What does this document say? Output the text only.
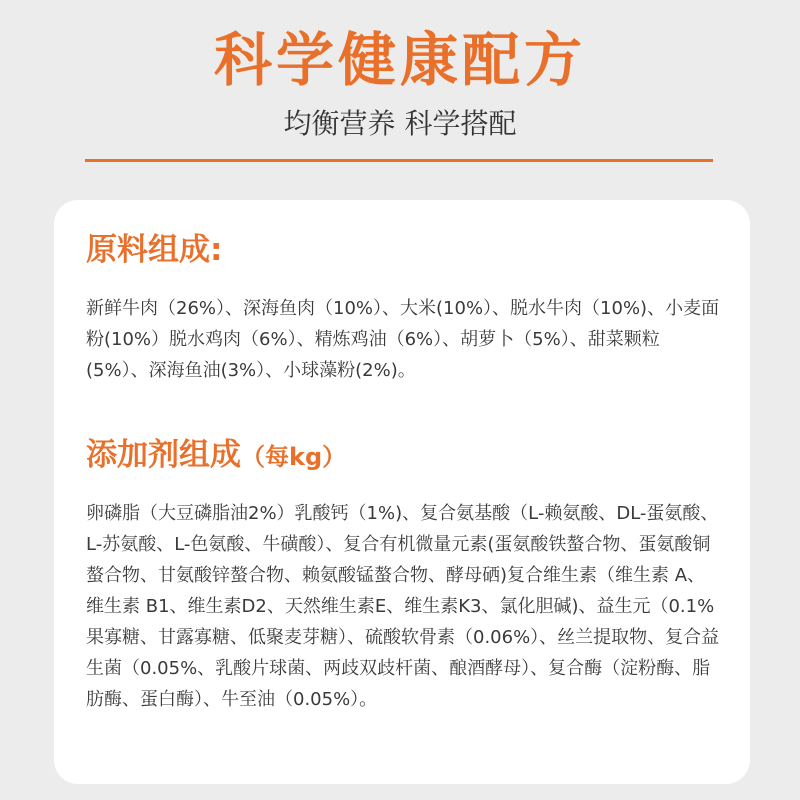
科学健康配方
均衡营养 科学搭配
原料组成:
新鲜牛肉（26%）、深海鱼肉（10%）、大米(10%）、脱水牛肉（10%)、小麦面粉(10%）脱水鸡肉（6%）、精炼鸡油（6%）、胡萝卜（5%）、甜菜颗粒(5%）、深海鱼油(3%）、小球藻粉(2%)。
添加剂组成（每kg）
卵磷脂（大豆磷脂油2%）乳酸钙（1%)、复合氨基酸（L-赖氨酸、DL-蛋氨酸、L-苏氨酸、L-色氨酸、牛磺酸）、复合有机微量元素(蛋氨酸铁螯合物、蛋氨酸铜螯合物、甘氨酸锌螯合物、赖氨酸锰螯合物、酵母硒)复合维生素（维生素 A、维生素 B1、维生素D2、天然维生素E、维生素K3、氯化胆碱)、益生元（0.1%果寡糖、甘露寡糖、低聚麦芽糖）、硫酸软骨素（0.06%）、丝兰提取物、复合益生菌（0.05%、乳酸片球菌、两歧双歧杆菌、酿酒酵母）、复合酶（淀粉酶、脂肪酶、蛋白酶）、牛至油（0.05%）。
